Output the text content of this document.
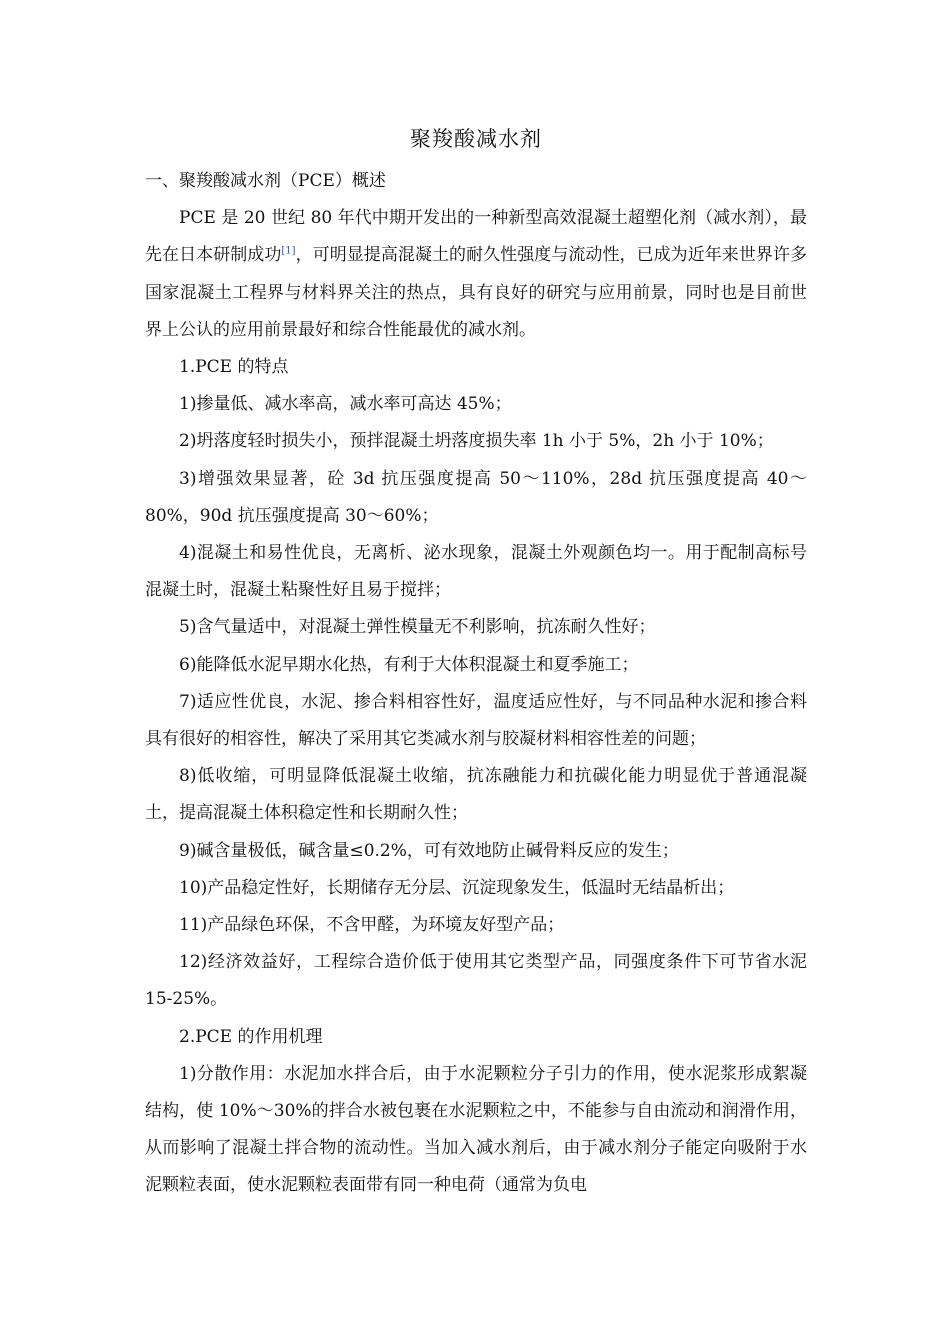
聚羧酸减水剂

一、聚羧酸减水剂（PCE）概述

PCE 是 20 世纪 80 年代中期开发出的一种新型高效混凝土超塑化剂（减水剂），最先在日本研制成功[1]，可明显提高混凝土的耐久性强度与流动性，已成为近年来世界许多国家混凝土工程界与材料界关注的热点，具有良好的研究与应用前景，同时也是目前世界上公认的应用前景最好和综合性能最优的减水剂。

1.PCE 的特点

1)掺量低、减水率高，减水率可高达 45%；

2)坍落度轻时损失小，预拌混凝土坍落度损失率 1h 小于 5%，2h 小于 10%；

3)增强效果显著，砼 3d 抗压强度提高 50～110%，28d 抗压强度提高 40～80%，90d 抗压强度提高 30～60%；

4)混凝土和易性优良，无离析、泌水现象，混凝土外观颜色均一。用于配制高标号混凝土时，混凝土粘聚性好且易于搅拌；

5)含气量适中，对混凝土弹性模量无不利影响，抗冻耐久性好；

6)能降低水泥早期水化热，有利于大体积混凝土和夏季施工；

7)适应性优良，水泥、掺合料相容性好，温度适应性好，与不同品种水泥和掺合料具有很好的相容性，解决了采用其它类减水剂与胶凝材料相容性差的问题；

8)低收缩，可明显降低混凝土收缩，抗冻融能力和抗碳化能力明显优于普通混凝土，提高混凝土体积稳定性和长期耐久性；

9)碱含量极低，碱含量≤0.2%，可有效地防止碱骨料反应的发生；

10)产品稳定性好，长期储存无分层、沉淀现象发生，低温时无结晶析出；

11)产品绿色环保，不含甲醛，为环境友好型产品；

12)经济效益好，工程综合造价低于使用其它类型产品，同强度条件下可节省水泥 15-25%。

2.PCE 的作用机理

1)分散作用：水泥加水拌合后，由于水泥颗粒分子引力的作用，使水泥浆形成絮凝结构，使 10%～30%的拌合水被包裹在水泥颗粒之中，不能参与自由流动和润滑作用，从而影响了混凝土拌合物的流动性。当加入减水剂后，由于减水剂分子能定向吸附于水泥颗粒表面，使水泥颗粒表面带有同一种电荷（通常为负电
